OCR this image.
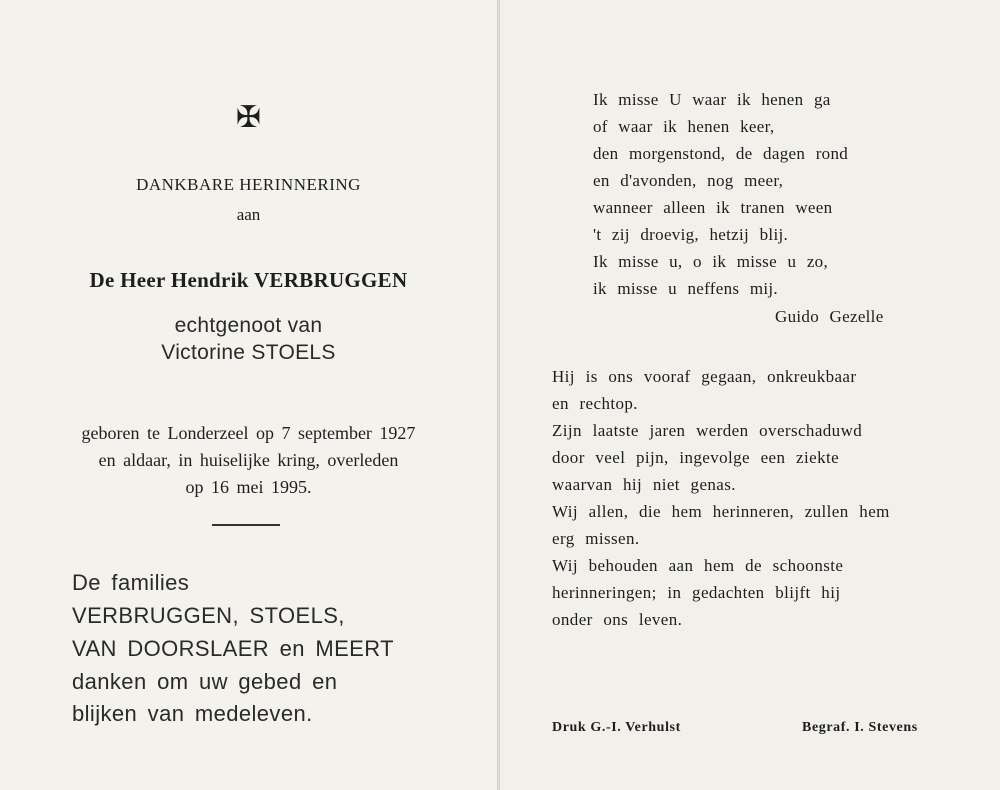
✠
DANKBARE HERINNERING
aan
De Heer Hendrik VERBRUGGEN
echtgenoot van
Victorine STOELS
geboren te Londerzeel op 7 september 1927
en aldaar, in huiselijke kring, overleden
op 16 mei 1995.
De families
VERBRUGGEN, STOELS,
VAN DOORSLAER en MEERT
danken om uw gebed en
blijken van medeleven.
Ik misse U waar ik henen ga
of waar ik henen keer,
den morgenstond, de dagen rond
en d'avonden, nog meer,
wanneer alleen ik tranen ween
't zij droevig, hetzij blij.
Ik misse u, o ik misse u zo,
ik misse u neffens mij.
Guido Gezelle
Hij is ons vooraf gegaan, onkreukbaar
en rechtop.
Zijn laatste jaren werden overschaduwd
door veel pijn, ingevolge een ziekte
waarvan hij niet genas.
Wij allen, die hem herinneren, zullen hem
erg missen.
Wij behouden aan hem de schoonste
herinneringen; in gedachten blijft hij
onder ons leven.
Druk G.-I. Verhulst	Begraf. I. Stevens
